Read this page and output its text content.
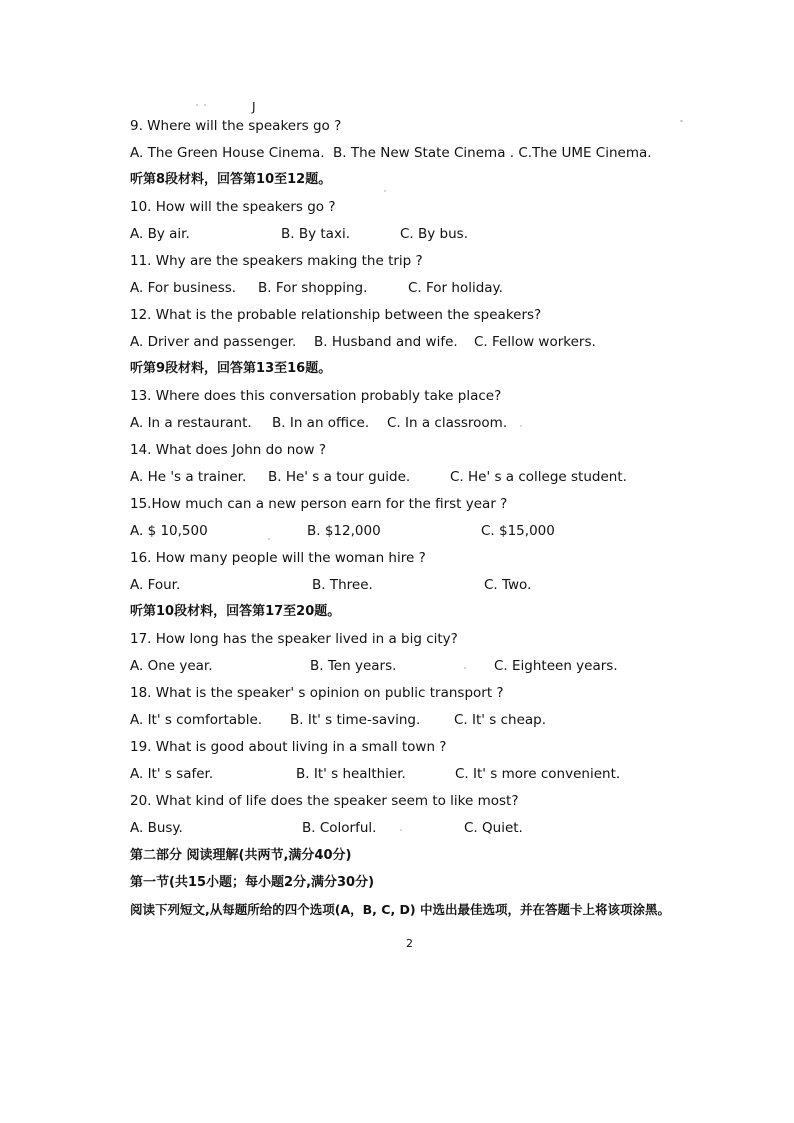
J
9. Where will the speakers go ?
A. The Green House Cinema. B. The New State Cinema . C.The UME Cinema.
听第8段材料，回答第10至12题。
10. How will the speakers go ?
A. By air.	B. By taxi.	C. By bus.
11. Why are the speakers making the trip ?
A. For business. B. For shopping.	C. For holiday.
12. What is the probable relationship between the speakers?
A. Driver and passenger. B. Husband and wife. C. Fellow workers.
听第9段材料，回答第13至16题。
13. Where does this conversation probably take place?
A. In a restaurant. B. In an office. C. In a classroom.
14. What does John do now ?
A. He 's a trainer. B. He' s a tour guide.	C. He' s a college student.
15.How much can a new person earn for the first year ?
A. $ 10,500	B. $12,000	C. $15,000
16. How many people will the woman hire ?
A. Four.	B. Three.	C. Two.
听第10段材料，回答第17至20题。
17. How long has the speaker lived in a big city?
A. One year.	B. Ten years.	C. Eighteen years.
18. What is the speaker' s opinion on public transport ?
A. It' s comfortable. B. It' s time-saving. C. It' s cheap.
19. What is good about living in a small town ?
A. It' s safer.	B. It' s healthier.	C. It' s more convenient.
20. What kind of life does the speaker seem to like most?
A. Busy.	B. Colorful.	C. Quiet.
第二部分 阅读理解(共两节,满分40分)
第一节(共15小题；每小题2分,满分30分)
阅读下列短文,从每题所给的四个选项(A，B, C, D) 中选出最佳选项，并在答题卡上将该项涂黑。
2
